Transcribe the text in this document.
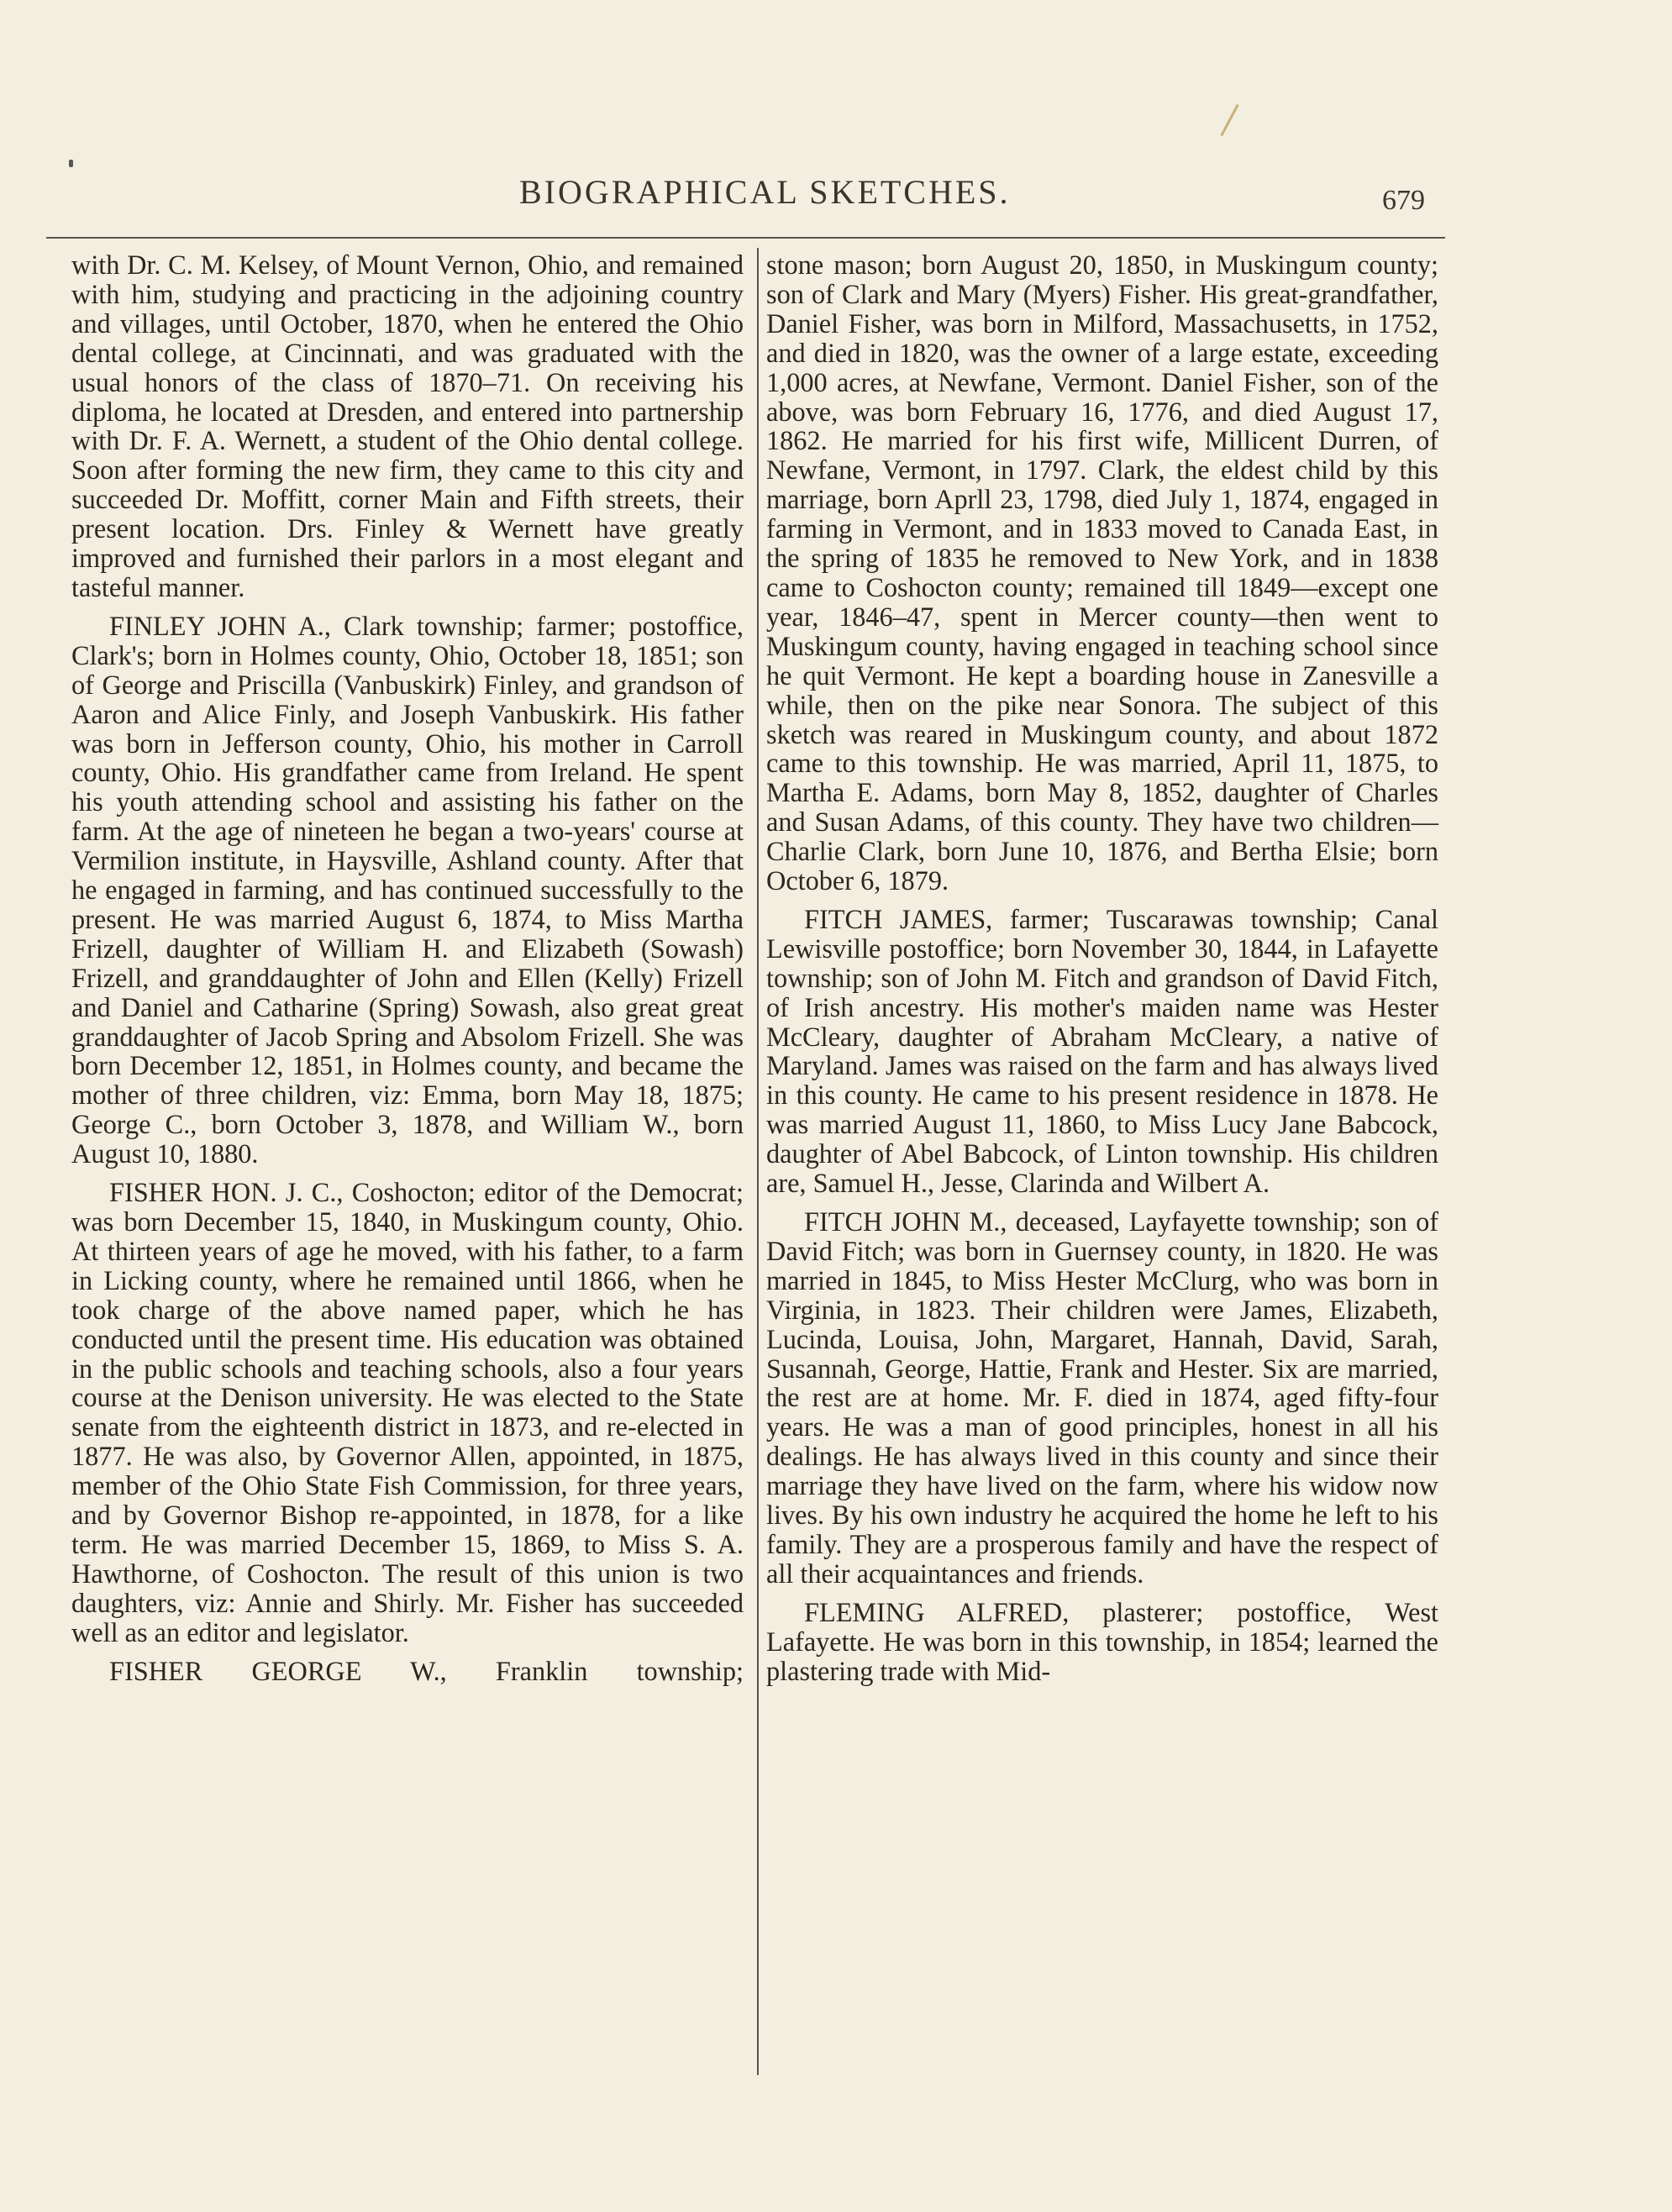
BIOGRAPHICAL SKETCHES.	679

with Dr. C. M. Kelsey, of Mount Vernon, Ohio, and remained with him, studying and practicing in the adjoining country and villages, until October, 1870, when he entered the Ohio dental college, at Cincinnati, and was graduated with the usual honors of the class of 1870–71. On receiving his diploma, he located at Dresden, and entered into partnership with Dr. F. A. Wernett, a student of the Ohio dental college. Soon after forming the new firm, they came to this city and succeeded Dr. Moffitt, corner Main and Fifth streets, their present location. Drs. Finley & Wernett have greatly improved and furnished their parlors in a most elegant and tasteful manner.

FINLEY JOHN A., Clark township; farmer; postoffice, Clark's; born in Holmes county, Ohio, October 18, 1851; son of George and Priscilla (Vanbuskirk) Finley, and grandson of Aaron and Alice Finly, and Joseph Vanbuskirk. His father was born in Jefferson county, Ohio, his mother in Carroll county, Ohio. His grandfather came from Ireland. He spent his youth attending school and assisting his father on the farm. At the age of nineteen he began a two-years' course at Vermilion institute, in Haysville, Ashland county. After that he engaged in farming, and has continued successfully to the present. He was married August 6, 1874, to Miss Martha Frizell, daughter of William H. and Elizabeth (Sowash) Frizell, and granddaughter of John and Ellen (Kelly) Frizell and Daniel and Catharine (Spring) Sowash, also great great granddaughter of Jacob Spring and Absolom Frizell. She was born December 12, 1851, in Holmes county, and became the mother of three children, viz: Emma, born May 18, 1875; George C., born October 3, 1878, and William W., born August 10, 1880.

FISHER HON. J. C., Coshocton; editor of the Democrat; was born December 15, 1840, in Muskingum county, Ohio. At thirteen years of age he moved, with his father, to a farm in Licking county, where he remained until 1866, when he took charge of the above named paper, which he has conducted until the present time. His education was obtained in the public schools and teaching schools, also a four years course at the Denison university. He was elected to the State senate from the eighteenth district in 1873, and re-elected in 1877. He was also, by Governor Allen, appointed, in 1875, member of the Ohio State Fish Commission, for three years, and by Governor Bishop re-appointed, in 1878, for a like term. He was married December 15, 1869, to Miss S. A. Hawthorne, of Coshocton. The result of this union is two daughters, viz: Annie and Shirly. Mr. Fisher has succeeded well as an editor and legislator.

FISHER GEORGE W., Franklin township;

stone mason; born August 20, 1850, in Muskingum county; son of Clark and Mary (Myers) Fisher. His great-grandfather, Daniel Fisher, was born in Milford, Massachusetts, in 1752, and died in 1820, was the owner of a large estate, exceeding 1,000 acres, at Newfane, Vermont. Daniel Fisher, son of the above, was born February 16, 1776, and died August 17, 1862. He married for his first wife, Millicent Durren, of Newfane, Vermont, in 1797. Clark, the eldest child by this marriage, born Aprll 23, 1798, died July 1, 1874, engaged in farming in Vermont, and in 1833 moved to Canada East, in the spring of 1835 he removed to New York, and in 1838 came to Coshocton county; remained till 1849—except one year, 1846–47, spent in Mercer county—then went to Muskingum county, having engaged in teaching school since he quit Vermont. He kept a boarding house in Zanesville a while, then on the pike near Sonora. The subject of this sketch was reared in Muskingum county, and about 1872 came to this township. He was married, April 11, 1875, to Martha E. Adams, born May 8, 1852, daughter of Charles and Susan Adams, of this county. They have two children—Charlie Clark, born June 10, 1876, and Bertha Elsie; born October 6, 1879.

FITCH JAMES, farmer; Tuscarawas township; Canal Lewisville postoffice; born November 30, 1844, in Lafayette township; son of John M. Fitch and grandson of David Fitch, of Irish ancestry. His mother's maiden name was Hester McCleary, daughter of Abraham McCleary, a native of Maryland. James was raised on the farm and has always lived in this county. He came to his present residence in 1878. He was married August 11, 1860, to Miss Lucy Jane Babcock, daughter of Abel Babcock, of Linton township. His children are, Samuel H., Jesse, Clarinda and Wilbert A.

FITCH JOHN M., deceased, Layfayette township; son of David Fitch; was born in Guernsey county, in 1820. He was married in 1845, to Miss Hester McClurg, who was born in Virginia, in 1823. Their children were James, Elizabeth, Lucinda, Louisa, John, Margaret, Hannah, David, Sarah, Susannah, George, Hattie, Frank and Hester. Six are married, the rest are at home. Mr. F. died in 1874, aged fifty-four years. He was a man of good principles, honest in all his dealings. He has always lived in this county and since their marriage they have lived on the farm, where his widow now lives. By his own industry he acquired the home he left to his family. They are a prosperous family and have the respect of all their acquaintances and friends.

FLEMING ALFRED, plasterer; postoffice, West Lafayette. He was born in this township, in 1854; learned the plastering trade with Mid-
